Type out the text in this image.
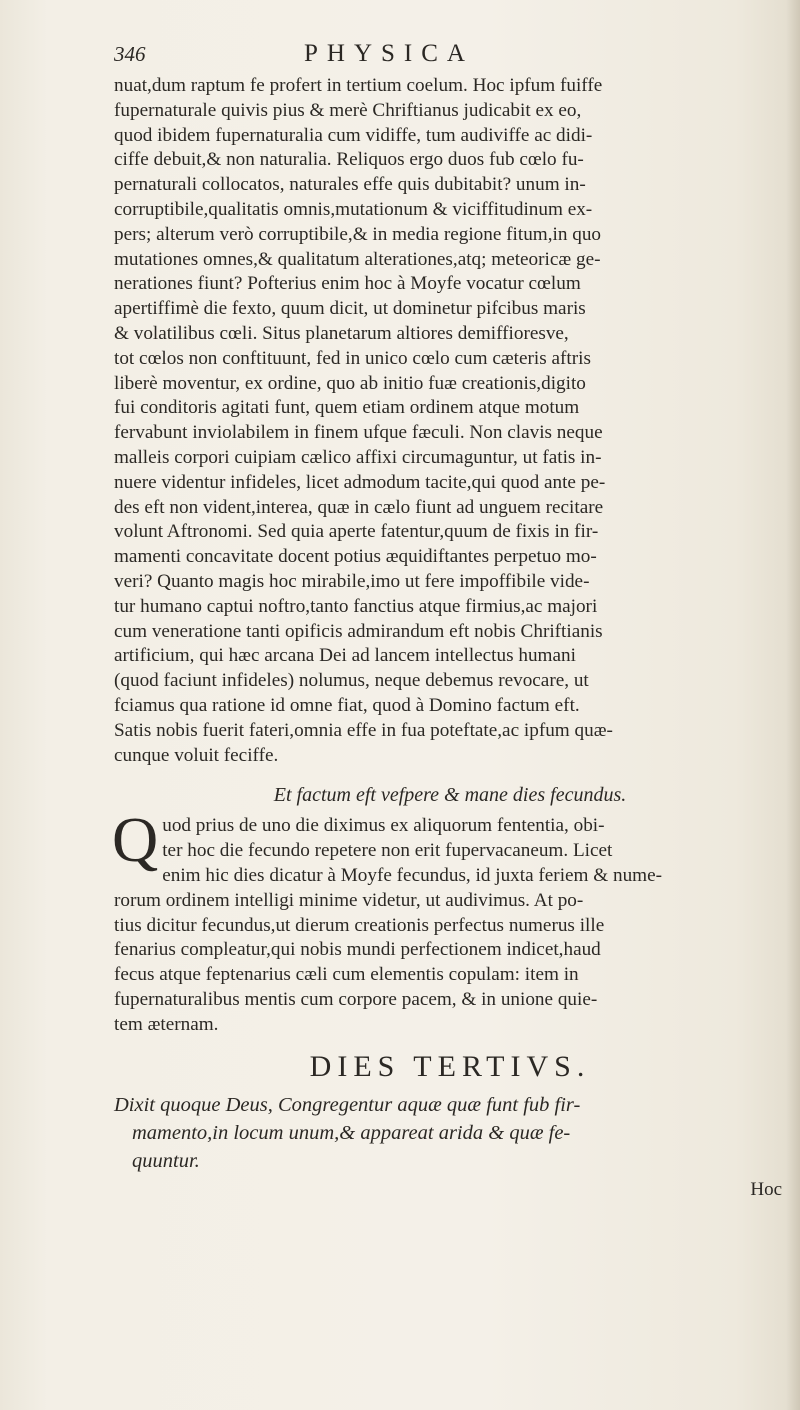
346	PHYSICA

nuat,dum raptum fe profert in tertium coelum. Hoc ipfum fuiffe
fupernaturale quivis pius & merè Chriftianus judicabit ex eo,
quod ibidem fupernaturalia cum vidiffe, tum audiviffe ac didi-
ciffe debuit,& non naturalia. Reliquos ergo duos fub cœlo fu-
pernaturali collocatos, naturales effe quis dubitabit? unum in-
corruptibile,qualitatis omnis,mutationum & viciffitudinum ex-
pers; alterum verò corruptibile,& in media regione fitum,in quo
mutationes omnes,& qualitatum alterationes,atq; meteoricæ ge-
nerationes fiunt? Pofterius enim hoc à Moyfe vocatur cœlum
apertiffimè die fexto, quum dicit, ut dominetur pifcibus maris
& volatilibus cœli. Situs planetarum altiores demiffioresve,
tot cœlos non conftituunt, fed in unico cœlo cum cæteris aftris
liberè moventur, ex ordine, quo ab initio fuæ creationis,digito
fui conditoris agitati funt, quem etiam ordinem atque motum
fervabunt inviolabilem in finem ufque fæculi. Non clavis neque
malleis corpori cuipiam cælico affixi circumaguntur, ut fatis in-
nuere videntur infideles, licet admodum tacite,qui quod ante pe-
des eft non vident,interea, quæ in cælo fiunt ad unguem recitare
volunt Aftronomi. Sed quia aperte fatentur,quum de fixis in fir-
mamenti concavitate docent potius æquidiftantes perpetuo mo-
veri? Quanto magis hoc mirabile,imo ut fere impoffibile vide-
tur humano captui noftro,tanto fanctius atque firmius,ac majori
cum veneratione tanti opificis admirandum eft nobis Chriftianis
artificium, qui hæc arcana Dei ad lancem intellectus humani
(quod faciunt infideles) nolumus, neque debemus revocare, ut
fciamus qua ratione id omne fiat, quod à Domino factum eft.
Satis nobis fuerit fateri,omnia effe in fua poteftate,ac ipfum quæ-
cunque voluit feciffe.

Et factum eft vefpere & mane dies fecundus.

Q uod prius de uno die diximus ex aliquorum fententia, obi-
ter hoc die fecundo repetere non erit fupervacaneum. Licet
enim hic dies dicatur à Moyfe fecundus, id juxta feriem & nume-
rorum ordinem intelligi minime videtur, ut audivimus. At po-
tius dicitur fecundus,ut dierum creationis perfectus numerus ille
fenarius compleatur,qui nobis mundi perfectionem indicet,haud
fecus atque feptenarius cæli cum elementis copulam: item in
fupernaturalibus mentis cum corpore pacem, & in unione quie-
tem æternam.

DIES TERTIVS.
Dixit quoque Deus, Congregentur aquæ quæ funt fub fir-
mamento,in locum unum,& appareat arida & quæ fe-
quuntur.
Hoc
